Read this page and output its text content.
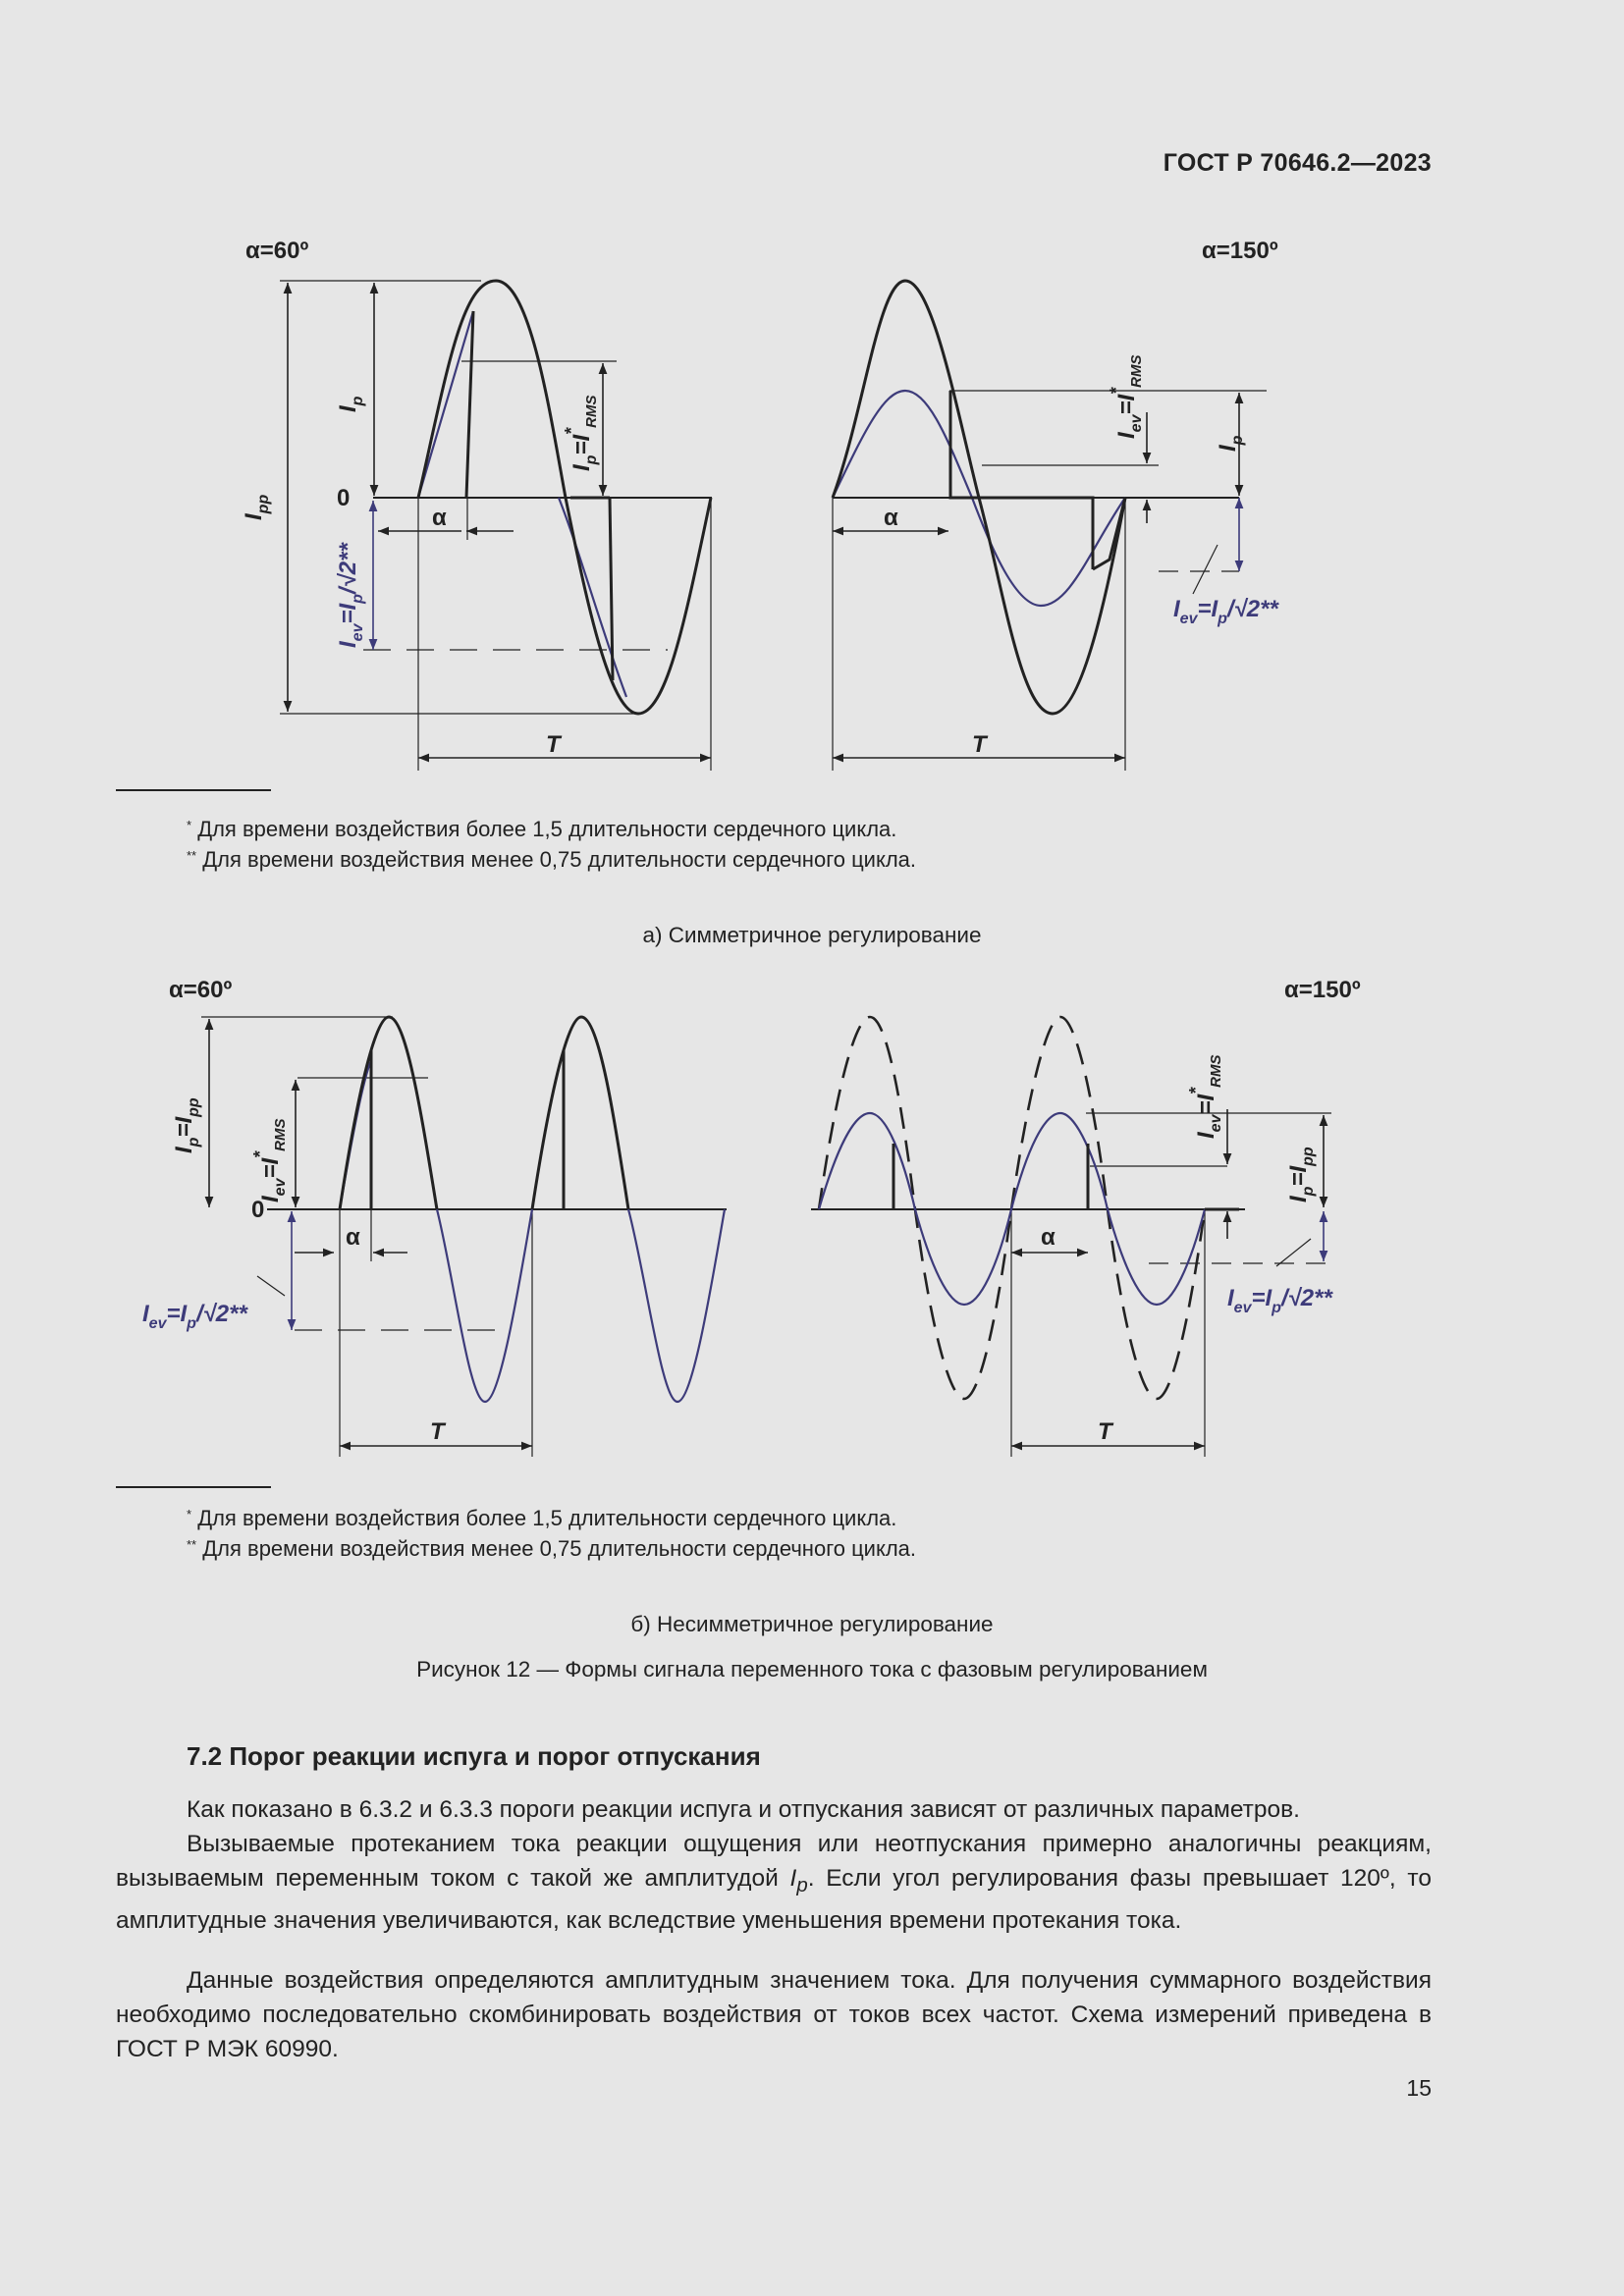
ГОСТ Р 70646.2—2023
α=60º	α=150º
0
α	α
T	T
$I_p$
$I_{pp}$
$I_p=I^*_{RMS}$
$I_{ev}=I_p/√2**$
$I_p$
$I_{ev}=I^*_{RMS}$
$I_{ev}=I_p/√2**$
α=60º	α=150º
0
α	α
T	T
$I_p=I_{pp}$
$I_{ev}=I^*_{RMS}$
$I_{ev}=I_p/√2**$
$I_{ev}=I^*_{RMS}$
$I_p=I_{pp}$
$I_{ev}=I_p/√2**$
* Для времени воздействия более 1,5 длительности сердечного цикла.
** Для времени воздействия менее 0,75 длительности сердечного цикла.
а) Симметричное регулирование
* Для времени воздействия более 1,5 длительности сердечного цикла.
** Для времени воздействия менее 0,75 длительности сердечного цикла.
б) Несимметричное регулирование
Рисунок 12 — Формы сигнала переменного тока с фазовым регулированием
7.2 Порог реакции испуга и порог отпускания

Как показано в 6.3.2 и 6.3.3 пороги реакции испуга и отпускания зависят от различных параметров.

Вызываемые протеканием тока реакции ощущения или неотпускания примерно аналогичны реакциям, вызываемым переменным током с такой же амплитудой $I_p$. Если угол регулирования фазы превышает 120º, то амплитудные значения увеличиваются, как вследствие уменьшения времени протекания тока.

Данные воздействия определяются амплитудным значением тока. Для получения суммарного воздействия необходимо последовательно скомбинировать воздействия от токов всех частот. Схема измерений приведена в ГОСТ Р МЭК 60990.

15
